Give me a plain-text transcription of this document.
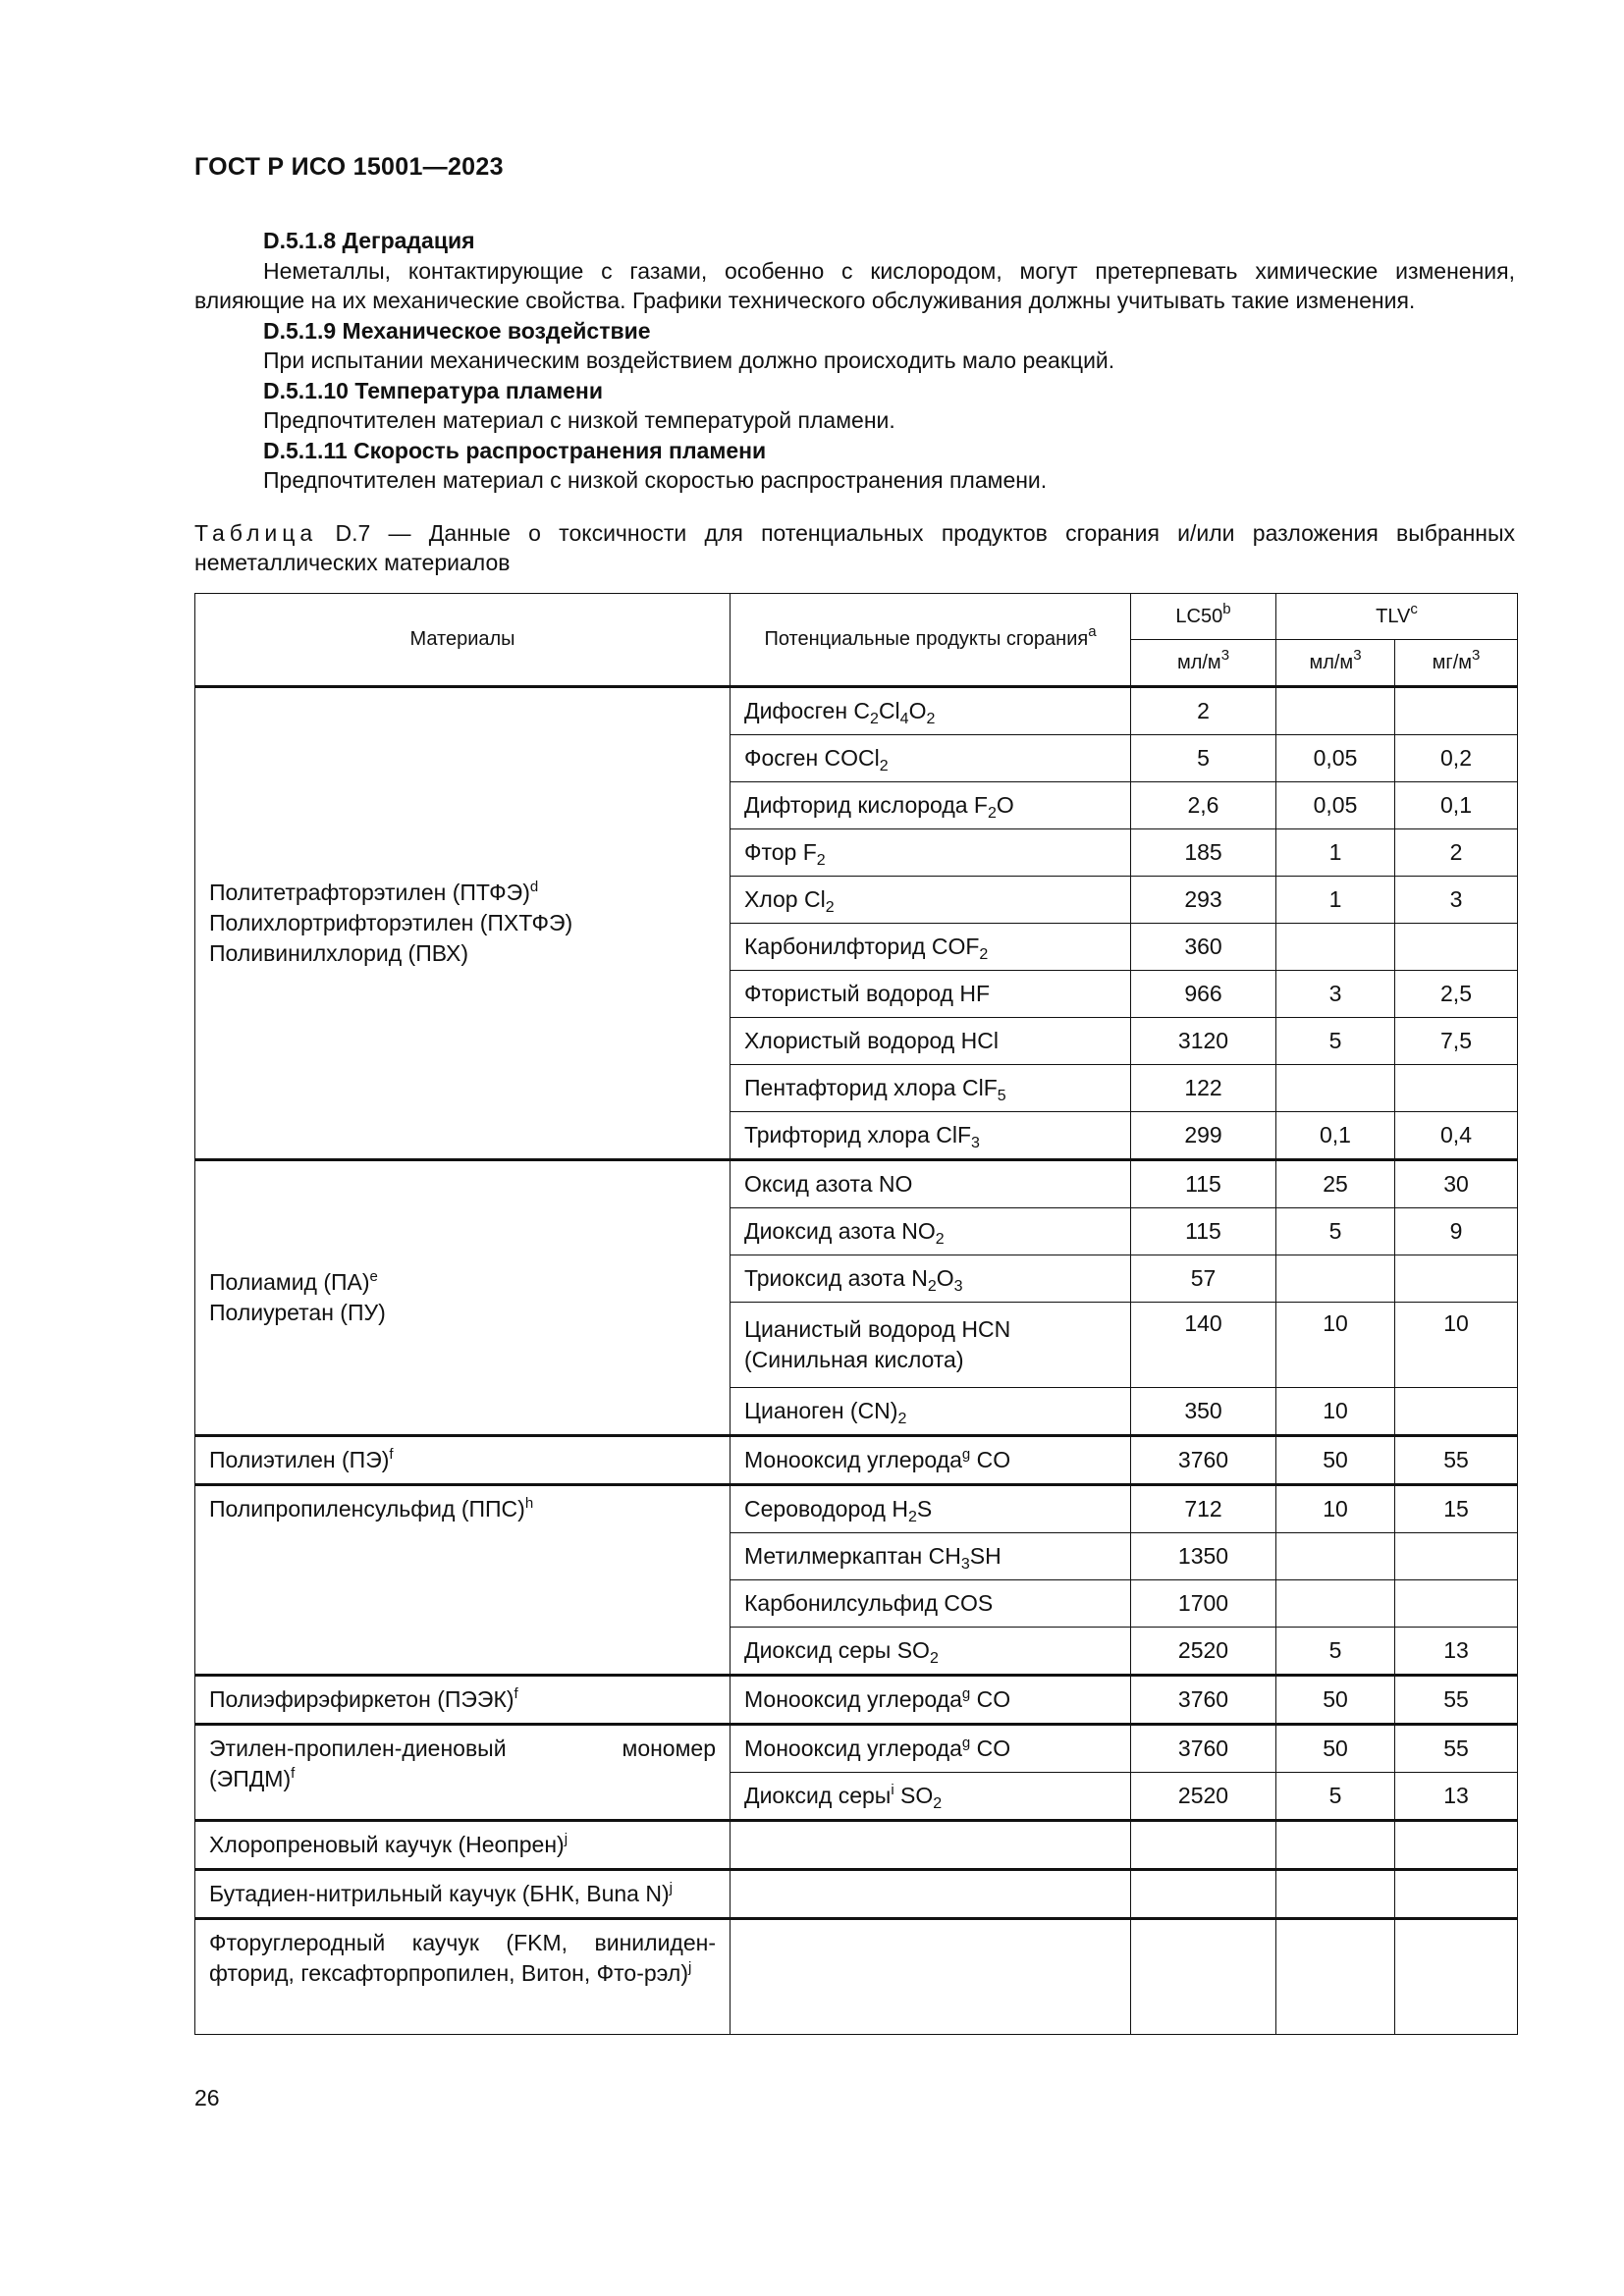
ГОСТ Р ИСО 15001—2023

D.5.1.8 Деградация

Неметаллы, контактирующие с газами, особенно с кислородом, могут претерпевать химические изменения, влияющие на их механические свойства. Графики технического обслуживания должны учитывать такие изменения.

D.5.1.9 Механическое воздействие

При испытании механическим воздействием должно происходить мало реакций.

D.5.1.10 Температура пламени

Предпочтителен материал с низкой температурой пламени.

D.5.1.11 Скорость распространения пламени

Предпочтителен материал с низкой скоростью распространения пламени.

Таблица D.7 — Данные о токсичности для потенциальных продуктов сгорания и/или разложения выбранных неметаллических материалов
Материалы	Потенциальные продукты сгорания$^a$	LC50$^b$	TLV$^c$
		$мл/м^3$	$мл/м^3$	$мг/м^3$
Политетрафторэтилен (ПТФЭ)$^d$
Полихлортрифторэтилен (ПХТФЭ)
Поливинилхлорид (ПВХ)	Дифосген $C_2Cl_4O_2$	2		
	Фосген COCl$_2$	5	0,05	0,2
	Дифторид кислорода $F_2O$	2,6	0,05	0,1
	Фтор $F_2$	185	1	2
	Хлор $Cl_2$	293	1	3
	Карбонилфторид $COF_2$	360		
	Фтористый водород HF	966	3	2,5
	Хлористый водород HCl	3120	5	7,5
	Пентафторид хлора ClF$_5$	122		
	Трифторид хлора ClF$_3$	299	0,1	0,4
Полиамид (ПА)$^e$
Полиуретан (ПУ)	Оксид азота NO	115	25	30
	Диоксид азота $NO_2$	115	5	9
	Триоксид азота $N_2O_3$	57		
	Цианистый водород HCN (Синильная кислота)	140	10	10
	Цианоген $(CN)_2$	350	10	
Полиэтилен (ПЭ)$^f$	Монооксид углерода$^g$ CO	3760	50	55
Полипропиленсульфид (ППС)$^h$	Сероводород $H_2S$	712	10	15
	Метилмеркаптан $CH_3SH$	1350		
	Карбонилсульфид COS	1700		
	Диоксид серы $SO_2$	2520	5	13
Полиэфирэфиркетон (ПЭЭК)$^f$	Монооксид углерода$^g$ CO	3760	50	55

Этилен-пропилен-диеновый мономер
(ЭПДМ)$^f$	Монооксид углерода$^g$ CO	3760	50	55
	Диоксид серы$^i$ $SO_2$	2520	5	13
Хлоропреновый каучук (Неопрен)$^j$				
Бутадиен-нитрильный каучук (БНК, Buna N)$^j$				
Фторуглеродный каучук (FKM, винилиден-фторид, гексафторпропилен, Витон, Фто-рэл)$^j$				
26
